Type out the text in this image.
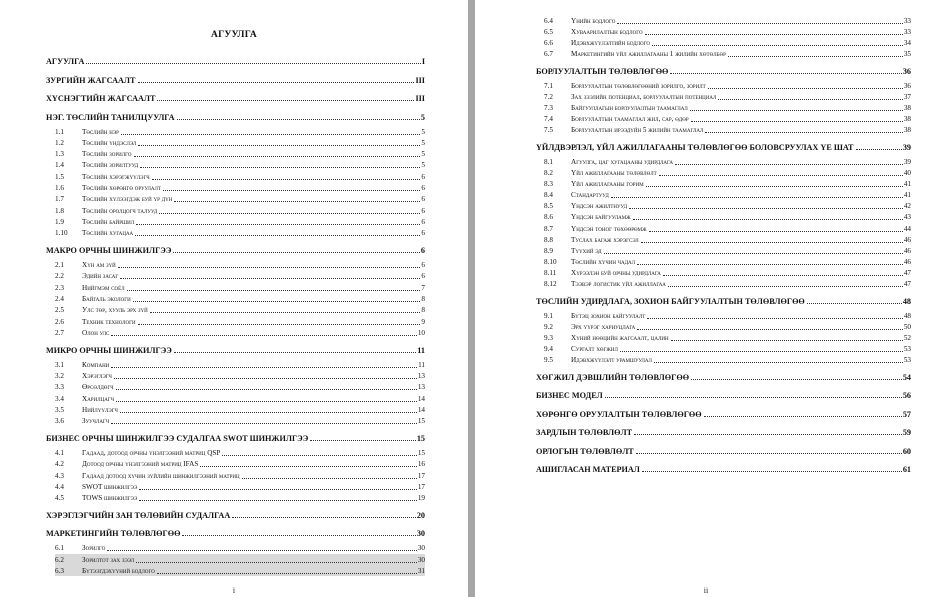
АГУУЛГА
АГУУЛГА	I
ЗУРГИЙН ЖАГСААЛТ	III
ХҮСНЭГТИЙН ЖАГСААЛТ	III
НЭГ. ТӨСЛИЙН ТАНИЛЦУУЛГА	5
1.1	Төслийн нэр	5
1.2	Төслийн үндэслэл	5
1.3	Төслийн зорилго	5
1.4	Төслийн зорилтууд	5
1.5	Төслийн хэрэгжүүлэгч	6
1.6	Төслийн хөрөнгө оруулалт	6
1.7	Төслийн хүлээгдэж буй үр дүн	6
1.8	Төслийн оролцогч талууд	6
1.9	Төслийн байршил	6
1.10	Төслийн хугацаа	6
МАКРО ОРЧНЫ ШИНЖИЛГЭЭ	6
2.1	Хүн ам зүй	6
2.2	Эдийн засаг	6
2.3	Нийгмэм соёл	7
2.4	Байгаль экологи	8
2.5	Улс төр, хууль эрх зүй	8
2.6	Техник технологи	9
2.7	Олон улс	10
МИКРО ОРЧНЫ ШИНЖИЛГЭЭ	11
3.1	Компани	11
3.2	Хэрэглэгч	13
3.3	Өрсөлдөгч	13
3.4	Харилцагч	14
3.5	Нийлүүлэгч	14
3.6	Зуучлагч	15
БИЗНЕС ОРЧНЫ ШИНЖИЛГЭЭ СУДАЛГАА SWOT ШИНЖИЛГЭЭ	15
4.1	Гадаад, дотоод орчны үнэлгээний матриц QSP	15
4.2	Дотоод орчны үнэлгээний матриц IFAS	16
4.3	Гадаад дотоод хүчин зүйлийн шинжилгээний матриц	17
4.4	SWOT шинжилгээ	17
4.5	TOWS шинжилгээ	19
ХЭРЭГЛЭГЧИЙН ЗАН ТӨЛӨВИЙН СУДАЛГАА	20
МАРКЕТИНГИЙН ТӨЛӨВЛӨГӨӨ	30
6.1	Зорилго	30
6.2	Зорилтот зах зээл	30
6.3	Бүтээгдэхүүний бодлого	31
i
6.4	Үнийн бодлого	33
6.5	Хуваарилалтын бодлого	33
6.6	Идэвхжүүлэлтийн бодлого	34
6.7	Маркетингийн үйл ажиллагааны 1 жилийн хөтөлбөр	35
БОРЛУУЛАЛТЫН ТӨЛӨВЛӨГӨӨ	36
7.1	Борлуулалтын төлөвлөгөөний зорилго, зорилт	36
7.2	Зах зээлийн потенциал, борлуулалтын потенциал	37
7.3	Байгууллагын борлуулалтын таамаглал	38
7.4	Борлуулалтын таамаглал жил, сар, өдөр	38
7.5	Борлуулалтын ирээдүйн 5 жилийн таамаглал	38
ҮЙЛДВЭРЛЭЛ, ҮЙЛ АЖИЛЛАГААНЫ ТӨЛӨВЛӨГӨӨ БОЛОВСРУУЛАХ ҮЕ ШАТ	39
8.1	Агуулга, цаг хугацааны удирдлага	39
8.2	Үйл ажиллагааны төлөвлөлт	40
8.3	Үйл ажиллагааны горим	41
8.4	Стандартууд	41
8.5	Үндсэн ажилтнууд	42
8.6	Үндсэн байгууламж	43
8.7	Үндсэн тоног төхөөрөмж	44
8.8	Туслах багаж хэрэгсэл	46
8.9	Түүхий эд	46
8.10	Төслийн хүчин чадал	46
8.11	Хүрээлэн буй орчны удирдлага	47
8.12	Тээвэр логистик үйл ажиллагаа	47
ТӨСЛИЙН УДИРДЛАГА, ЗОХИОН БАЙГУУЛАЛТЫН ТӨЛӨВЛӨГӨӨ	48
9.1	Бүтэц зохион байгуулалт	48
9.2	Эрх үүрэг хариуцлага	50
9.3	Хүний нөөцийн жагсаалт, цалин	52
9.4	Сургалт хөгжил	53
9.5	Идэвхжүүлэлт урамшуулал	53
ХӨГЖИЛ ДЭВШЛИЙН ТӨЛӨВЛӨГӨӨ	54
БИЗНЕС МОДЕЛ	56
ХӨРӨНГӨ ОРУУЛАЛТЫН ТӨЛӨВЛӨГӨӨ	57
ЗАРДЛЫН ТӨЛӨВЛӨЛТ	59
ОРЛОГЫН ТӨЛӨВЛӨЛТ	60
АШИГЛАСАН МАТЕРИАЛ	61
ii
